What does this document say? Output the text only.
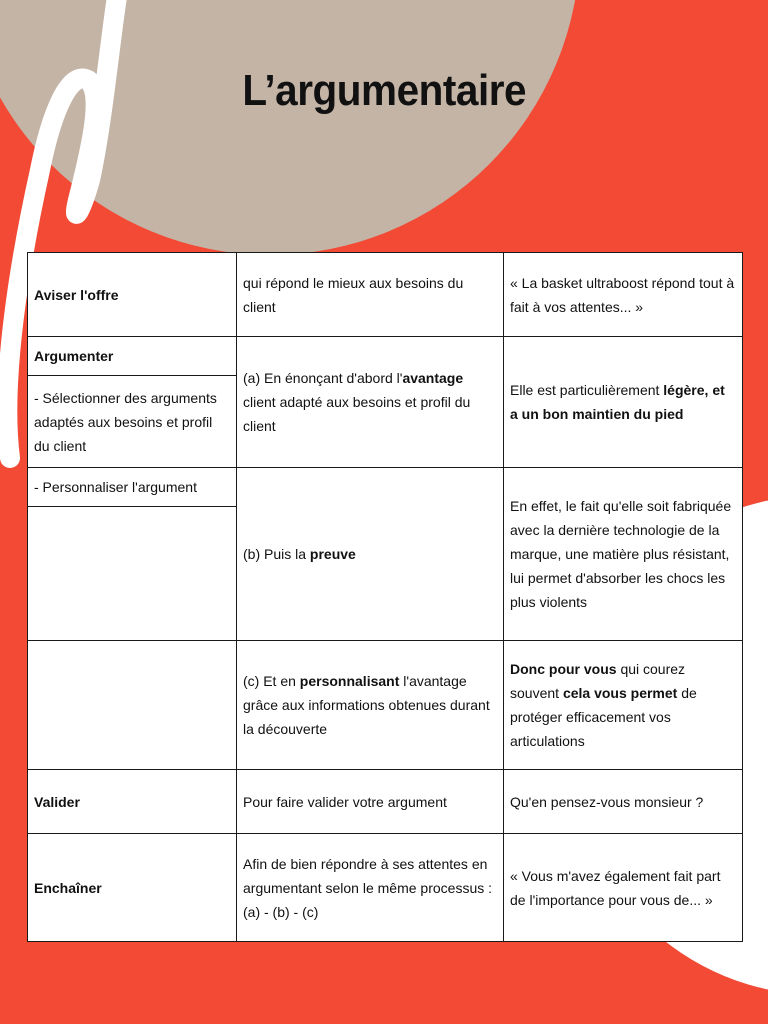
L’argumentaire
Aviser l'offre	qui répond le mieux aux besoins du client	« La basket ultraboost répond tout à fait à vos attentes... »
Argumenter	(a) En énonçant d'abord l'avantage client adapté aux besoins et profil du client	Elle est particulièrement légère, et a un bon maintien du pied
- Sélectionner des arguments adaptés aux besoins et profil du client		
- Personnaliser l'argument	(b) Puis la preuve	En effet, le fait qu'elle soit fabriquée avec la dernière technologie de la marque, une matière plus résistant, lui permet d'absorber les chocs les plus violents

	(c) Et en personnalisant l'avantage grâce aux informations obtenues durant la découverte	Donc pour vous qui courez souvent cela vous permet de protéger efficacement vos articulations
Valider	Pour faire valider votre argument	Qu'en pensez-vous monsieur ?
Enchaîner	Afin de bien répondre à ses attentes en argumentant selon le même processus : (a) - (b) - (c)	« Vous m'avez également fait part de l'importance pour vous de... »
